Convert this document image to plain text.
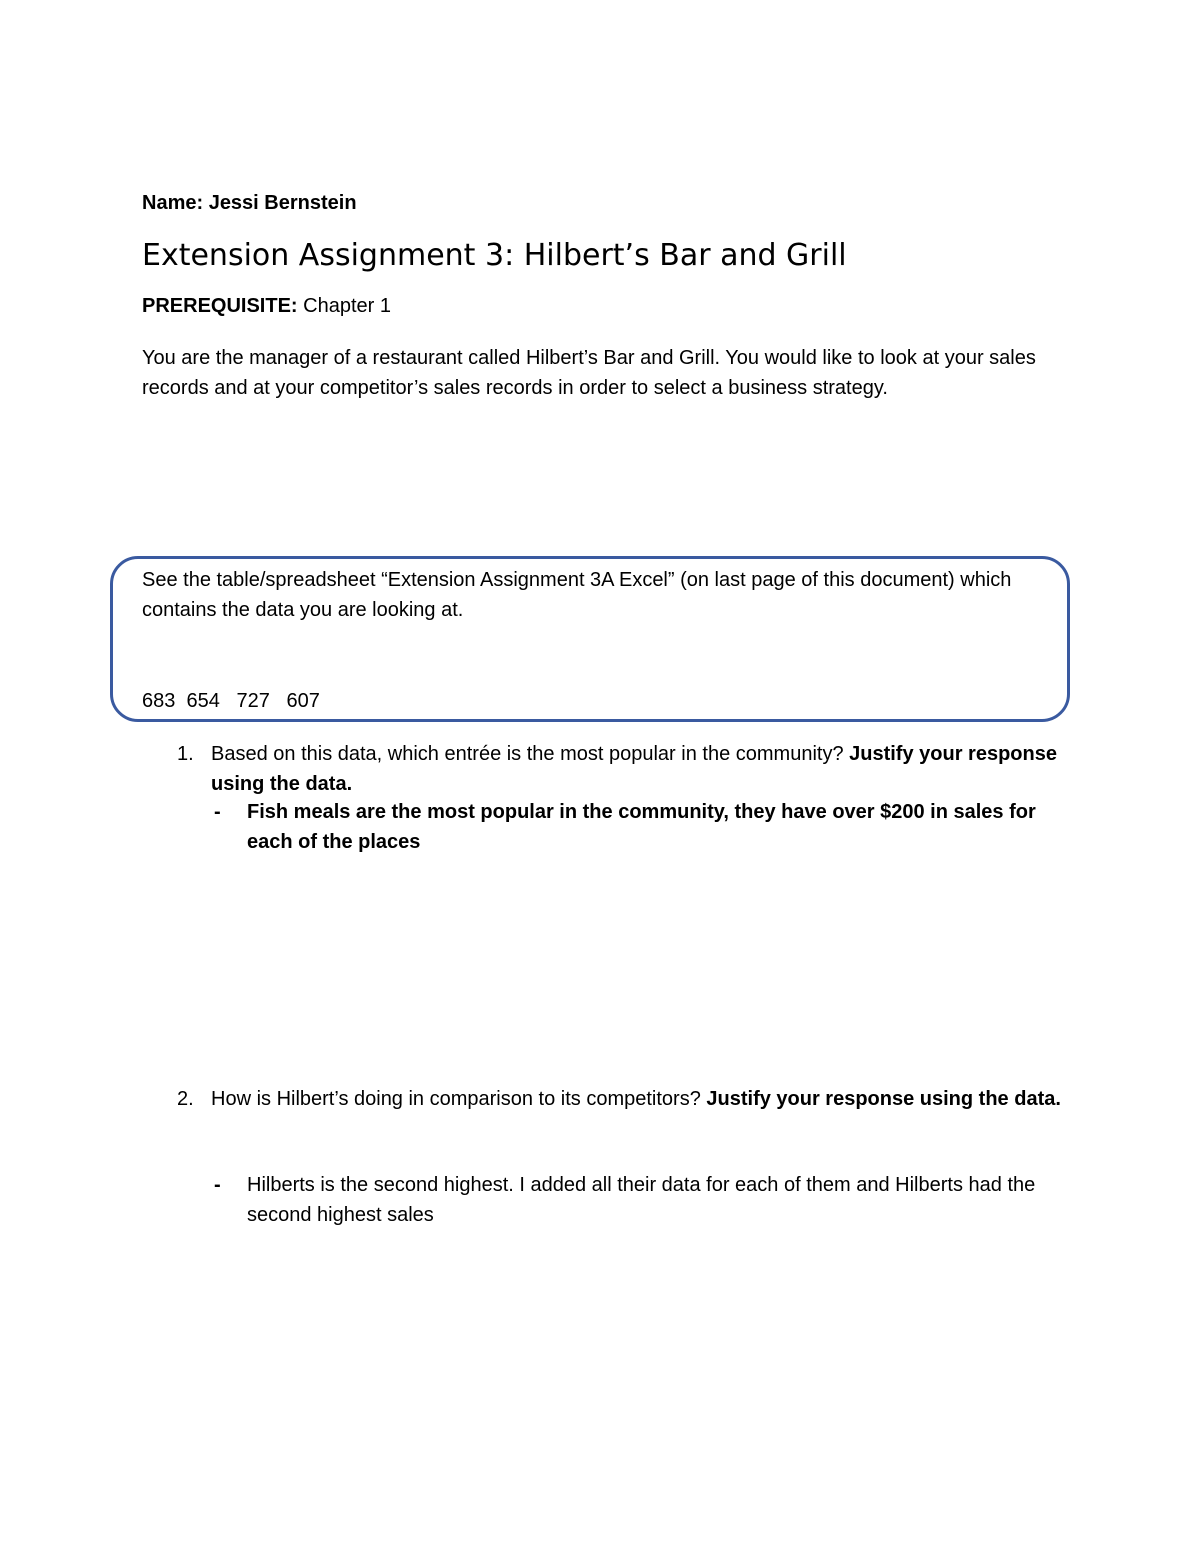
Name: Jessi Bernstein
Extension Assignment 3: Hilbert’s Bar and Grill
PREREQUISITE: Chapter 1
You are the manager of a restaurant called Hilbert’s Bar and Grill. You would like to look at your sales records and at your competitor’s sales records in order to select a business strategy.
See the table/spreadsheet “Extension Assignment 3A Excel” (on last page of this document) which contains the data you are looking at.
683  654   727   607
1. Based on this data, which entrée is the most popular in the community? Justify your response using the data.
- Fish meals are the most popular in the community, they have over $200 in sales for each of the places
2. How is Hilbert’s doing in comparison to its competitors? Justify your response using the data.
- Hilberts is the second highest. I added all their data for each of them and Hilberts had the second highest sales
